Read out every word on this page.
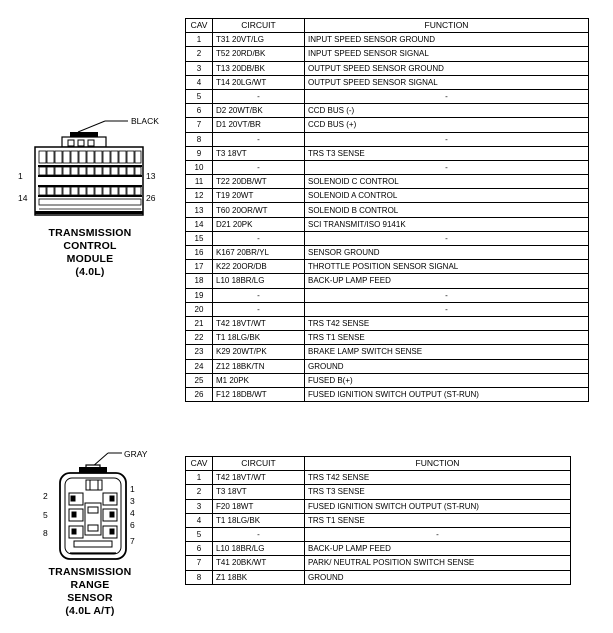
BLACK
1	13
14	26
TRANSMISSION
CONTROL
MODULE
(4.0L)
CAV	CIRCUIT	FUNCTION
1	T31 20VT/LG	INPUT SPEED SENSOR GROUND
2	T52 20RD/BK	INPUT SPEED SENSOR SIGNAL
3	T13 20DB/BK	OUTPUT SPEED SENSOR GROUND
4	T14 20LG/WT	OUTPUT SPEED SENSOR SIGNAL
5	-	-
6	D2 20WT/BK	CCD BUS (-)
7	D1 20VT/BR	CCD BUS (+)
8	-	-
9	T3 18VT	TRS T3 SENSE
10	-	-
11	T22 20DB/WT	SOLENOID C CONTROL
12	T19 20WT	SOLENOID A CONTROL
13	T60 20OR/WT	SOLENOID B CONTROL
14	D21 20PK	SCI TRANSMIT/ISO 9141K
15	-	-
16	K167 20BR/YL	SENSOR GROUND
17	K22 20OR/DB	THROTTLE POSITION SENSOR SIGNAL
18	L10 18BR/LG	BACK-UP LAMP FEED
19	-	-
20	-	-
21	T42 18VT/WT	TRS T42 SENSE
22	T1 18LG/BK	TRS T1 SENSE
23	K29 20WT/PK	BRAKE LAMP SWITCH SENSE
24	Z12 18BK/TN	GROUND
25	M1 20PK	FUSED B(+)
26	F12 18DB/WT	FUSED IGNITION SWITCH OUTPUT (ST-RUN)
GRAY
1
2	3
4
5
6
8
7
TRANSMISSION
RANGE
SENSOR
(4.0L A/T)
CAV	CIRCUIT	FUNCTION
1	T42 18VT/WT	TRS T42 SENSE
2	T3 18VT	TRS T3 SENSE
3	F20 18WT	FUSED IGNITION SWITCH OUTPUT (ST-RUN)
4	T1 18LG/BK	TRS T1 SENSE
5	-	-
6	L10 18BR/LG	BACK-UP LAMP FEED
7	T41 20BK/WT	PARK/ NEUTRAL POSITION SWITCH SENSE
8	Z1 18BK	GROUND
